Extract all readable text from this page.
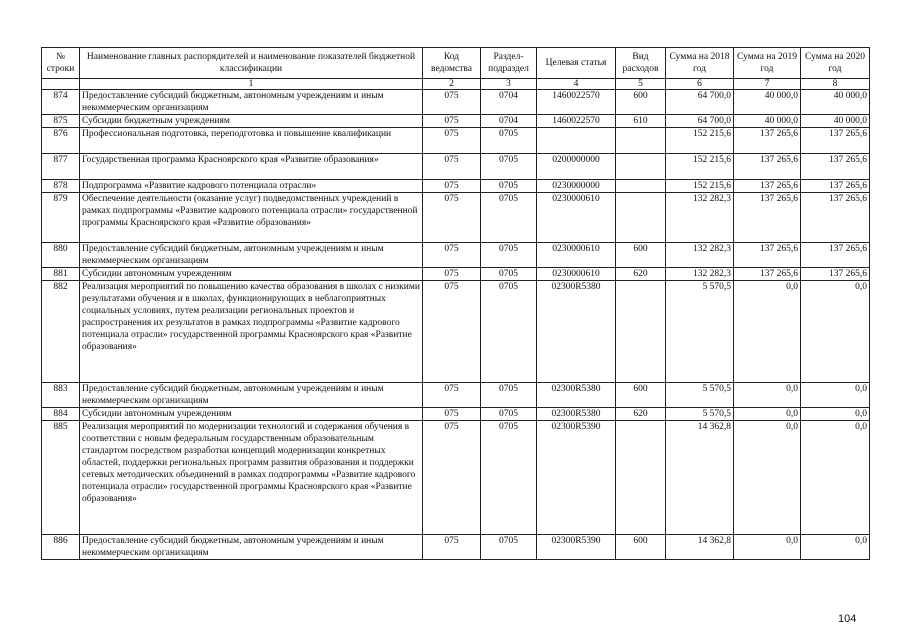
№ строки	Наименование главных распорядителей и наименование показателей бюджетной классификации	Код ведомства	Раздел-подраздел	Целевая статья	Вид расходов	Сумма на 2018 год	Сумма на 2019 год	Сумма на 2020 год
	1	2	3	4	5	6	7	8
874	Предоставление субсидий бюджетным, автономным учреждениям и иным некоммерческим организациям	075	0704	1460022570	600	64 700,0	40 000,0	40 000,0
875	Субсидии бюджетным учреждениям	075	0704	1460022570	610	64 700,0	40 000,0	40 000,0
876	Профессиональная подготовка, переподготовка и повышение квалификации	075	0705			152 215,6	137 265,6	137 265,6
877	Государственная программа Красноярского края «Развитие образования»	075	0705	0200000000		152 215,6	137 265,6	137 265,6
878	Подпрограмма «Развитие кадрового потенциала отрасли»	075	0705	0230000000		152 215,6	137 265,6	137 265,6
879	Обеспечение деятельности (оказание услуг) подведомственных учреждений в рамках подпрограммы «Развитие кадрового потенциала отрасли» государственной программы Красноярского края «Развитие образования»	075	0705	0230000610		132 282,3	137 265,6	137 265,6
880	Предоставление субсидий бюджетным, автономным учреждениям и иным некоммерческим организациям	075	0705	0230000610	600	132 282,3	137 265,6	137 265,6
881	Субсидии автономным учреждениям	075	0705	0230000610	620	132 282,3	137 265,6	137 265,6
882	Реализация мероприятий по повышению качества образования в школах с низкими результатами обучения и в школах, функционирующих в неблагоприятных социальных условиях, путем реализации региональных проектов и распространения их результатов в рамках подпрограммы «Развитие кадрового потенциала отрасли» государственной программы Красноярского края «Развитие образования»	075	0705	02300R5380		5 570,5	0,0	0,0
883	Предоставление субсидий бюджетным, автономным учреждениям и иным некоммерческим организациям	075	0705	02300R5380	600	5 570,5	0,0	0,0
884	Субсидии автономным учреждениям	075	0705	02300R5380	620	5 570,5	0,0	0,0
885	Реализация мероприятий по модернизации технологий и содержания обучения в соответствии с новым федеральным государственным образовательным стандартом посредством разработки концепций модернизации конкретных областей, поддержки региональных программ развития образования и поддержки сетевых методических объединений в рамках подпрограммы «Развитие кадрового потенциала отрасли» государственной программы Красноярского края «Развитие образования»	075	0705	02300R5390		14 362,8	0,0	0,0
886	Предоставление субсидий бюджетным, автономным учреждениям и иным некоммерческим организациям	075	0705	02300R5390	600	14 362,8	0,0	0,0
104
